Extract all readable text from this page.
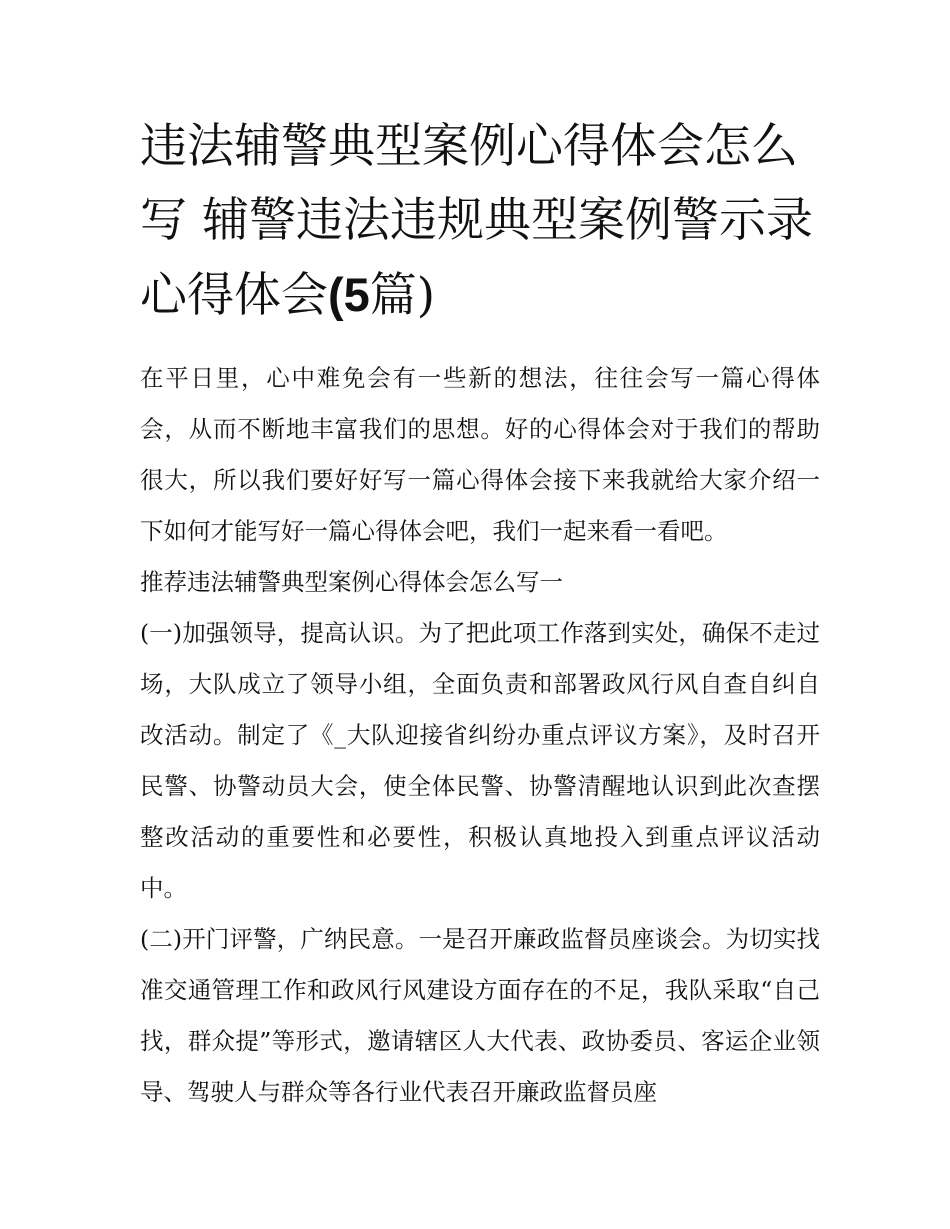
违法辅警典型案例心得体会怎么写 辅警违法违规典型案例警示录心得体会(5篇)

在平日里，心中难免会有一些新的想法，往往会写一篇心得体会，从而不断地丰富我们的思想。好的心得体会对于我们的帮助很大，所以我们要好好写一篇心得体会接下来我就给大家介绍一下如何才能写好一篇心得体会吧，我们一起来看一看吧。

推荐违法辅警典型案例心得体会怎么写一

(一)加强领导，提高认识。为了把此项工作落到实处，确保不走过场，大队成立了领导小组，全面负责和部署政风行风自查自纠自改活动。制定了《_大队迎接省纠纷办重点评议方案》，及时召开民警、协警动员大会，使全体民警、协警清醒地认识到此次查摆整改活动的重要性和必要性，积极认真地投入到重点评议活动中。

(二)开门评警，广纳民意。一是召开廉政监督员座谈会。为切实找准交通管理工作和政风行风建设方面存在的不足，我队采取“自己找，群众提”等形式，邀请辖区人大代表、政协委员、客运企业领导、驾驶人与群众等各行业代表召开廉政监督员座
